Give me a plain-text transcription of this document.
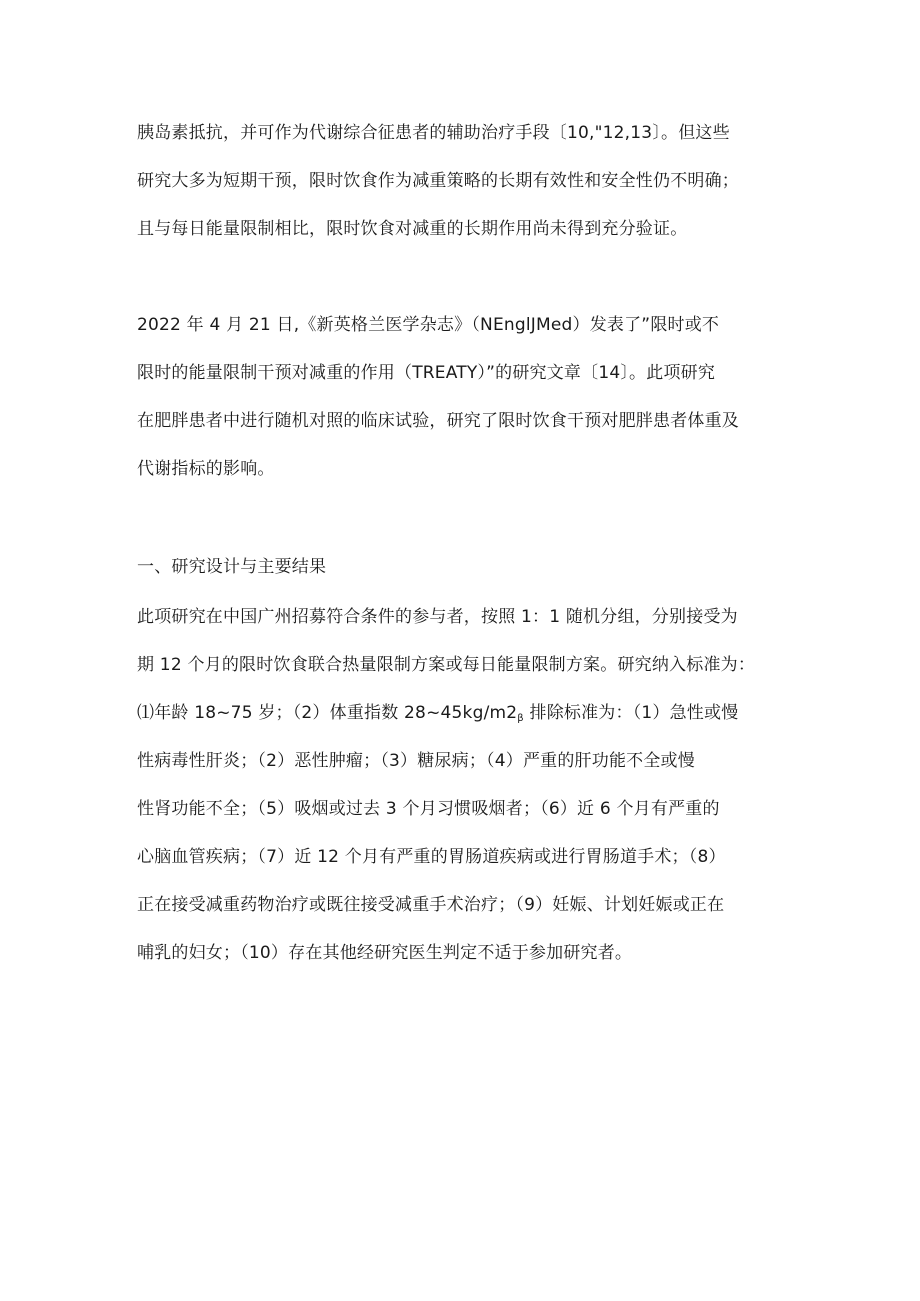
胰岛素抵抗，并可作为代谢综合征患者的辅助治疗手段〔10,"12,13〕。但这些
研究大多为短期干预，限时饮食作为减重策略的长期有效性和安全性仍不明确；
且与每日能量限制相比，限时饮食对减重的长期作用尚未得到充分验证。
2022 年 4 月 21 日,《新英格兰医学杂志》（NEnglJMed）发表了”限时或不
限时的能量限制干预对减重的作用（TREATY）”的研究文章〔14〕。此项研究
在肥胖患者中进行随机对照的临床试验，研究了限时饮食干预对肥胖患者体重及
代谢指标的影响。
一、研究设计与主要结果
此项研究在中国广州招募符合条件的参与者，按照 1：1 随机分组，分别接受为
期 12 个月的限时饮食联合热量限制方案或每日能量限制方案。研究纳入标准为：
⑴年龄 18~75 岁；（2）体重指数 $28\sim 45kg/m2_\beta$ 排除标准为：（1）急性或慢
性病毒性肝炎；（2）恶性肿瘤；（3）糖尿病；（4）严重的肝功能不全或慢
性肾功能不全；（5）吸烟或过去 3 个月习惯吸烟者；（6）近 6 个月有严重的
心脑血管疾病；（7）近 12 个月有严重的胃肠道疾病或进行胃肠道手术；（8）
正在接受减重药物治疗或既往接受减重手术治疗；（9）妊娠、计划妊娠或正在
哺乳的妇女；（10）存在其他经研究医生判定不适于参加研究者。
